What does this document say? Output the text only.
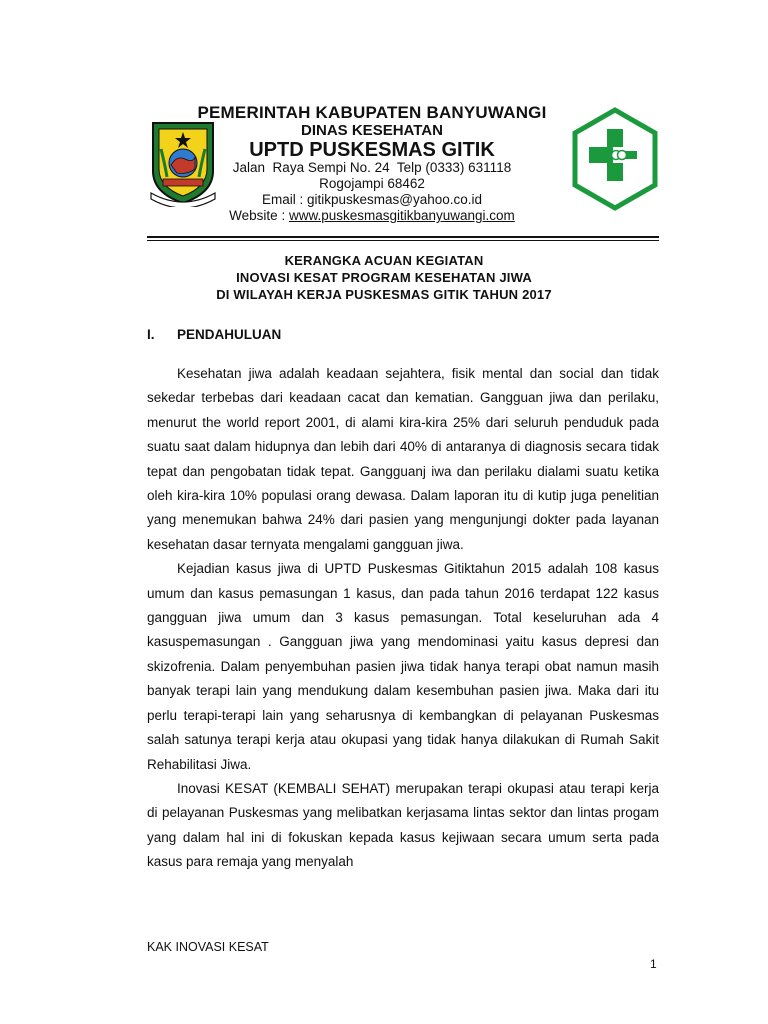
PEMERINTAH KABUPATEN BANYUWANGI
DINAS KESEHATAN
UPTD PUSKESMAS GITIK
Jalan  Raya Sempi No. 24  Telp (0333) 631118
Rogojampi 68462
Email : gitikpuskesmas@yahoo.co.id
Website : www.puskesmasgitikbanyuwangi.com
KERANGKA ACUAN KEGIATAN
INOVASI KESAT PROGRAM KESEHATAN JIWA
DI WILAYAH KERJA PUSKESMAS GITIK TAHUN 2017
I. PENDAHULUAN

Kesehatan jiwa adalah keadaan sejahtera, fisik mental dan social dan tidak sekedar terbebas dari keadaan cacat dan kematian. Gangguan jiwa dan perilaku, menurut the world report 2001, di alami kira-kira 25% dari seluruh penduduk pada suatu saat dalam hidupnya dan lebih dari 40% di antaranya di diagnosis secara tidak tepat dan pengobatan tidak tepat. Gangguanj iwa dan perilaku dialami suatu ketika oleh kira-kira 10% populasi orang dewasa. Dalam laporan itu di kutip juga penelitian yang menemukan bahwa 24% dari pasien yang mengunjungi dokter pada layanan kesehatan dasar ternyata mengalami gangguan jiwa.

Kejadian kasus jiwa di UPTD Puskesmas Gitiktahun 2015 adalah 108 kasus umum dan kasus pemasungan 1 kasus, dan pada tahun 2016 terdapat 122 kasus gangguan jiwa umum dan 3 kasus pemasungan. Total keseluruhan ada 4 kasuspemasungan . Gangguan jiwa yang mendominasi yaitu kasus depresi dan skizofrenia. Dalam penyembuhan pasien jiwa tidak hanya terapi obat namun masih banyak terapi lain yang mendukung dalam kesembuhan pasien jiwa. Maka dari itu perlu terapi-terapi lain yang seharusnya di kembangkan di pelayanan Puskesmas salah satunya terapi kerja atau okupasi yang tidak hanya dilakukan di Rumah Sakit Rehabilitasi Jiwa.

Inovasi KESAT (KEMBALI SEHAT) merupakan terapi okupasi atau terapi kerja di pelayanan Puskesmas yang melibatkan kerjasama lintas sektor dan lintas progam yang dalam hal ini di fokuskan kepada kasus kejiwaan secara umum serta pada kasus para remaja yang menyalah

KAK INOVASI KESAT
1
